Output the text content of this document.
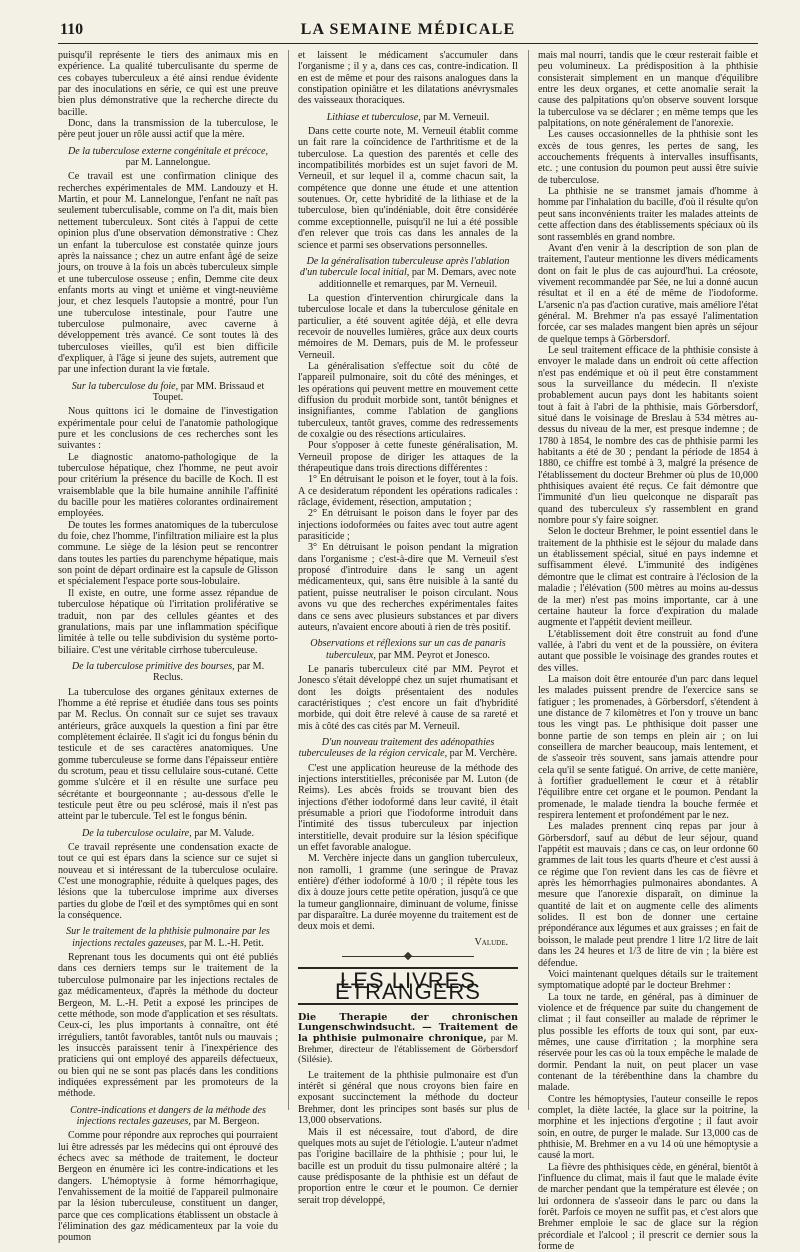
110	LA SEMAINE MÉDICALE

puisqu'il représente le tiers des animaux mis en expérience. La qualité tuberculisante du sperme de ces cobayes tuberculeux a été ainsi rendue évidente par des inoculations en série, ce qui est une preuve bien plus démonstrative que la recherche directe du bacille.

Donc, dans la transmission de la tuberculose, le père peut jouer un rôle aussi actif que la mère.

De la tuberculose externe congénitale et précoce,
par M. Lannelongue.

Ce travail est une confirmation clinique des recherches expérimentales de MM. Landouzy et H. Martin, et pour M. Lannelongue, l'enfant ne naît pas seulement tuberculisable, comme on l'a dit, mais bien nettement tuberculeux. Sont cités à l'appui de cette opinion plus d'une observation démonstrative : Chez un enfant la tuberculose est constatée quinze jours après la naissance ; chez un autre enfant âgé de seize jours, on trouve à la fois un abcès tuberculeux simple et une tuberculose osseuse ; enfin, Demme cite deux enfants morts au vingt et unième et vingt-neuvième jour, et chez lesquels l'autopsie a montré, pour l'un une tuberculose intestinale, pour l'autre une tuberculose pulmonaire, avec caverne à développement très avancé. Ce sont toutes là des tuberculoses vieilles, qu'il est bien difficile d'expliquer, à l'âge si jeune des sujets, autrement que par une infection durant la vie fœtale.

Sur la tuberculose du foie, par MM. Brissaud et Toupet.

Nous quittons ici le domaine de l'investigation expérimentale pour celui de l'anatomie pathologique pure et les conclusions de ces recherches sont les suivantes :

Le diagnostic anatomo-pathologique de la tuberculose hépatique, chez l'homme, ne peut avoir pour critérium la présence du bacille de Koch. Il est vraisemblable que la bile humaine annihile l'affinité du bacille pour les matières colorantes ordinairement employées.

De toutes les formes anatomiques de la tuberculose du foie, chez l'homme, l'infiltration miliaire est la plus commune. Le siège de la lésion peut se rencontrer dans toutes les parties du parenchyme hépatique, mais son point de départ ordinaire est la capsule de Glisson et spécialement l'espace porte sous-lobulaire.

Il existe, en outre, une forme assez répandue de tuberculose hépatique où l'irritation proliférative se traduit, non par des cellules géantes et des granulations, mais par une inflammation spécifique limitée à telle ou telle subdivision du système porto-biliaire. C'est une véritable cirrhose tuberculeuse.

De la tuberculose primitive des bourses, par M. Reclus.

La tuberculose des organes génitaux externes de l'homme a été reprise et étudiée dans tous ses points par M. Reclus. On connaît sur ce sujet ses travaux antérieurs, grâce auxquels la question a fini par être complètement éclairée. Il s'agit ici du fongus bénin du testicule et de ses caractères anatomiques. Une gomme tuberculeuse se forme dans l'épaisseur entière du scrotum, peau et tissu cellulaire sous-cutané. Cette gomme s'ulcère et il en résulte une surface peu sécrétante et bourgeonnante ; au-dessous d'elle le testicule peut être ou peu sclérosé, mais il n'est pas atteint par le tubercule. Tel est le fongus bénin.

De la tuberculose oculaire, par M. Valude.

Ce travail représente une condensation exacte de tout ce qui est épars dans la science sur ce sujet si nouveau et si intéressant de la tuberculose oculaire. C'est une monographie, réduite à quelques pages, des lésions que la tuberculose imprime aux diverses parties du globe de l'œil et des symptômes qui en sont la conséquence.

Sur le traitement de la phthisie pulmonaire par les injections rectales gazeuses, par M. L.-H. Petit.

Reprenant tous les documents qui ont été publiés dans ces derniers temps sur le traitement de la tuberculose pulmonaire par les injections rectales de gaz médicamenteux, d'après la méthode du docteur Bergeon, M. L.-H. Petit a exposé les principes de cette méthode, son mode d'application et ses résultats. Ceux-ci, les plus importants à connaître, ont été irréguliers, tantôt favorables, tantôt nuls ou mauvais ; les insuccès paraissent tenir à l'inexpérience des praticiens qui ont employé des appareils défectueux, ou bien qui ne se sont pas placés dans les conditions indiquées expressément par les promoteurs de la méthode.

Contre-indications et dangers de la méthode des injections rectales gazeuses, par M. Bergeon.

Comme pour répondre aux reproches qui pourraient lui être adressés par les médecins qui ont éprouvé des échecs avec sa méthode de traitement, le docteur Bergeon en énumère ici les contre-indications et les dangers. L'hémoptysie à forme hémorrhagique, l'envahissement de la moitié de l'appareil pulmonaire par la lésion tuberculeuse, constituent un danger, parce que ces complications établissent un obstacle à l'élimination des gaz médicamenteux par la voie du poumon

et laissent le médicament s'accumuler dans l'organisme ; il y a, dans ces cas, contre-indication. Il en est de même et pour des raisons analogues dans la constipation opiniâtre et les dilatations anévrysmales des vaisseaux thoraciques.

Lithiase et tuberculose, par M. Verneuil.

Dans cette courte note, M. Verneuil établit comme un fait rare la coïncidence de l'arthritisme et de la tuberculose. La question des parentés et celle des incompatibilités morbides est un sujet favori de M. Verneuil, et sur lequel il a, comme chacun sait, la compétence que donne une étude et une attention soutenues. Or, cette hybridité de la lithiase et de la tuberculose, bien qu'indéniable, doit être considérée comme exceptionnelle, puisqu'il ne lui a été possible d'en relever que trois cas dans les annales de la science et parmi ses observations personnelles.

De la généralisation tuberculeuse après l'ablation d'un tubercule local initial, par M. Demars, avec note additionnelle et remarques, par M. Verneuil.

La question d'intervention chirurgicale dans la tuberculose locale et dans la tuberculose génitale en particulier, a été souvent agitée déjà, et elle devra recevoir de nouvelles lumières, grâce aux deux courts mémoires de M. Demars, puis de M. le professeur Verneuil.

La généralisation s'effectue soit du côté de l'appareil pulmonaire, soit du côté des méninges, et les opérations qui peuvent mettre en mouvement cette diffusion du produit morbide sont, tantôt bénignes et insignifiantes, comme l'ablation de ganglions tuberculeux, tantôt graves, comme des redressements de coxalgie ou des résections articulaires.

Pour s'opposer à cette funeste généralisation, M. Verneuil propose de diriger les attaques de la thérapeutique dans trois directions différentes :

1° En détruisant le poison et le foyer, tout à la fois. A ce desideratum répondent les opérations radicales : râclage, évidement, résection, amputation ;

2° En détruisant le poison dans le foyer par des injections iodoformées ou faites avec tout autre agent parasiticide ;

3° En détruisant le poison pendant la migration dans l'organisme ; c'est-à-dire que M. Verneuil s'est proposé d'introduire dans le sang un agent médicamenteux, qui, sans être nuisible à la santé du patient, puisse neutraliser le poison circulant. Nous avons vu que des recherches expérimentales faites dans ce sens avec plusieurs substances et par divers auteurs, n'avaient encore abouti à rien de très positif.

Observations et réflexions sur un cas de panaris tuberculeux, par MM. Peyrot et Jonesco.

Le panaris tuberculeux cité par MM. Peyrot et Jonesco s'était développé chez un sujet rhumatisant et dont les doigts présentaient des nodules caractéristiques ; c'est encore un fait d'hybridité morbide, qui doit être relevé à cause de sa rareté et mis à côté des cas cités par M. Verneuil.

D'un nouveau traitement des adénopathies tuberculeuses de la région cervicale, par M. Verchère.

C'est une application heureuse de la méthode des injections interstitielles, préconisée par M. Luton (de Reims). Les abcès froids se trouvant bien des injections d'éther iodoformé dans leur cavité, il était présumable a priori que l'iodoforme introduit dans l'intimité des tissus tuberculeux par injection interstitielle, devait produire sur la lésion spécifique un effet favorable analogue.

M. Verchère injecte dans un ganglion tuberculeux, non ramolli, 1 gramme (une seringue de Pravaz entière) d'éther iodoformé à 10/0 ; il répète tous les dix à douze jours cette petite opération, jusqu'à ce que la tumeur ganglionnaire, diminuant de volume, finisse par disparaître. La durée moyenne du traitement est de deux mois et demi.

Valude.
LES LIVRES ÉTRANGERS

Die Therapie der chronischen Lungenschwindsucht. — Traitement de la phthisie pulmonaire chronique, par M. Brehmer, directeur de l'établissement de Görbersdorf (Silésie).

Le traitement de la phthisie pulmonaire est d'un intérêt si général que nous croyons bien faire en exposant succinctement la méthode du docteur Brehmer, dont les principes sont basés sur plus de 13,000 observations.

Mais il est nécessaire, tout d'abord, de dire quelques mots au sujet de l'étiologie. L'auteur n'admet pas l'origine bacillaire de la phthisie ; pour lui, le bacille est un produit du tissu pulmonaire altéré ; la cause prédisposante de la phthisie est un défaut de proportion entre le cœur et le poumon. Ce dernier serait trop développé,

mais mal nourri, tandis que le cœur resterait faible et peu volumineux. La prédisposition à la phthisie consisterait simplement en un manque d'équilibre entre les deux organes, et cette anomalie serait la cause des palpitations qu'on observe souvent lorsque la tuberculose va se déclarer ; en même temps que les palpitations, on note généralement de l'anorexie.

Les causes occasionnelles de la phthisie sont les excès de tous genres, les pertes de sang, les accouchements fréquents à intervalles insuffisants, etc. ; une contusion du poumon peut aussi être suivie de tuberculose.

La phthisie ne se transmet jamais d'homme à homme par l'inhalation du bacille, d'où il résulte qu'on peut sans inconvénients traiter les malades atteints de cette affection dans des établissements spéciaux où ils sont rassemblés en grand nombre.

Avant d'en venir à la description de son plan de traitement, l'auteur mentionne les divers médicaments dont on fait le plus de cas aujourd'hui. La créosote, vivement recommandée par Sée, ne lui a donné aucun résultat et il en a été de même de l'iodoforme. L'arsenic n'a pas d'action curative, mais améliore l'état général. M. Brehmer n'a pas essayé l'alimentation forcée, car ses malades mangent bien après un séjour de quelque temps à Görbersdorf.

Le seul traitement efficace de la phthisie consiste à envoyer le malade dans un endroit où cette affection n'est pas endémique et où il peut être constamment sous la surveillance du médecin. Il n'existe probablement aucun pays dont les habitants soient tout à fait à l'abri de la phthisie, mais Görbersdorf, situé dans le voisinage de Breslau à 534 mètres au-dessus du niveau de la mer, est presque indemne ; de 1780 à 1854, le nombre des cas de phthisie parmi les habitants a été de 30 ; pendant la période de 1854 à 1880, ce chiffre est tombé à 3, malgré la présence de l'établissement du docteur Brehmer où plus de 10,000 phthisiques avaient été reçus. Ce fait démontre que l'immunité d'un lieu quelconque ne disparaît pas quand des tuberculeux s'y rassemblent en grand nombre pour s'y faire soigner.

Selon le docteur Brehmer, le point essentiel dans le traitement de la phthisie est le séjour du malade dans un établissement spécial, situé en pays indemne et suffisamment élevé. L'immunité des indigènes démontre que le climat est contraire à l'éclosion de la maladie ; l'élévation (500 mètres au moins au-dessus de la mer) n'est pas moins importante, car à une certaine hauteur la force d'expiration du malade augmente et l'appétit devient meilleur.

L'établissement doit être construit au fond d'une vallée, à l'abri du vent et de la poussière, on évitera autant que possible le voisinage des grandes routes et des villes.

La maison doit être entourée d'un parc dans lequel les malades puissent prendre de l'exercice sans se fatiguer ; les promenades, à Görbersdorf, s'étendent à une distance de 7 kilomètres et l'on y trouve un banc tous les vingt pas. Le phthisique doit passer une bonne partie de son temps en plein air ; on lui conseillera de marcher beaucoup, mais lentement, et de s'asseoir très souvent, sans jamais attendre pour cela qu'il se sente fatigué. On arrive, de cette manière, à fortifier graduellement le cœur et à rétablir l'équilibre entre cet organe et le poumon. Pendant la promenade, le malade tiendra la bouche fermée et respirera lentement et profondément par le nez.

Les malades prennent cinq repas par jour à Görbersdorf, sauf au début de leur séjour, quand l'appétit est mauvais ; dans ce cas, on leur ordonne 60 grammes de lait tous les quarts d'heure et c'est aussi à ce régime que l'on revient dans les cas de fièvre et après les hémorrhagies pulmonaires abondantes. A mesure que l'anorexie disparaît, on diminue la quantité de lait et on augmente celle des aliments solides. Il est bon de donner une certaine prépondérance aux légumes et aux graisses ; en fait de boisson, le malade peut prendre 1 litre 1/2 litre de lait dans les 24 heures et 1/3 de litre de vin ; la bière est défendue.

Voici maintenant quelques détails sur le traitement symptomatique adopté par le docteur Brehmer :

La toux ne tarde, en général, pas à diminuer de violence et de fréquence par suite du changement de climat ; il faut conseiller au malade de réprimer le plus possible les efforts de toux qui sont, par eux-mêmes, une cause d'irritation ; la morphine sera réservée pour les cas où la toux empêche le malade de dormir. Pendant la nuit, on peut placer un vase contenant de la térébenthine dans la chambre du malade.

Contre les hémoptysies, l'auteur conseille le repos complet, la diète lactée, la glace sur la poitrine, la morphine et les injections d'ergotine ; il faut avoir soin, en outre, de purger le malade. Sur 13,000 cas de phthisie, M. Brehmer en a vu 14 où une hémoptysie a causé la mort.

La fièvre des phthisiques cède, en général, bientôt à l'influence du climat, mais il faut que le malade évite de marcher pendant que la température est élevée ; on lui ordonnera de s'asseoir dans le parc ou dans la forêt. Parfois ce moyen ne suffit pas, et c'est alors que Brehmer emploie le sac de glace sur la région précordiale et l'alcool ; il prescrit ce dernier sous la forme de
